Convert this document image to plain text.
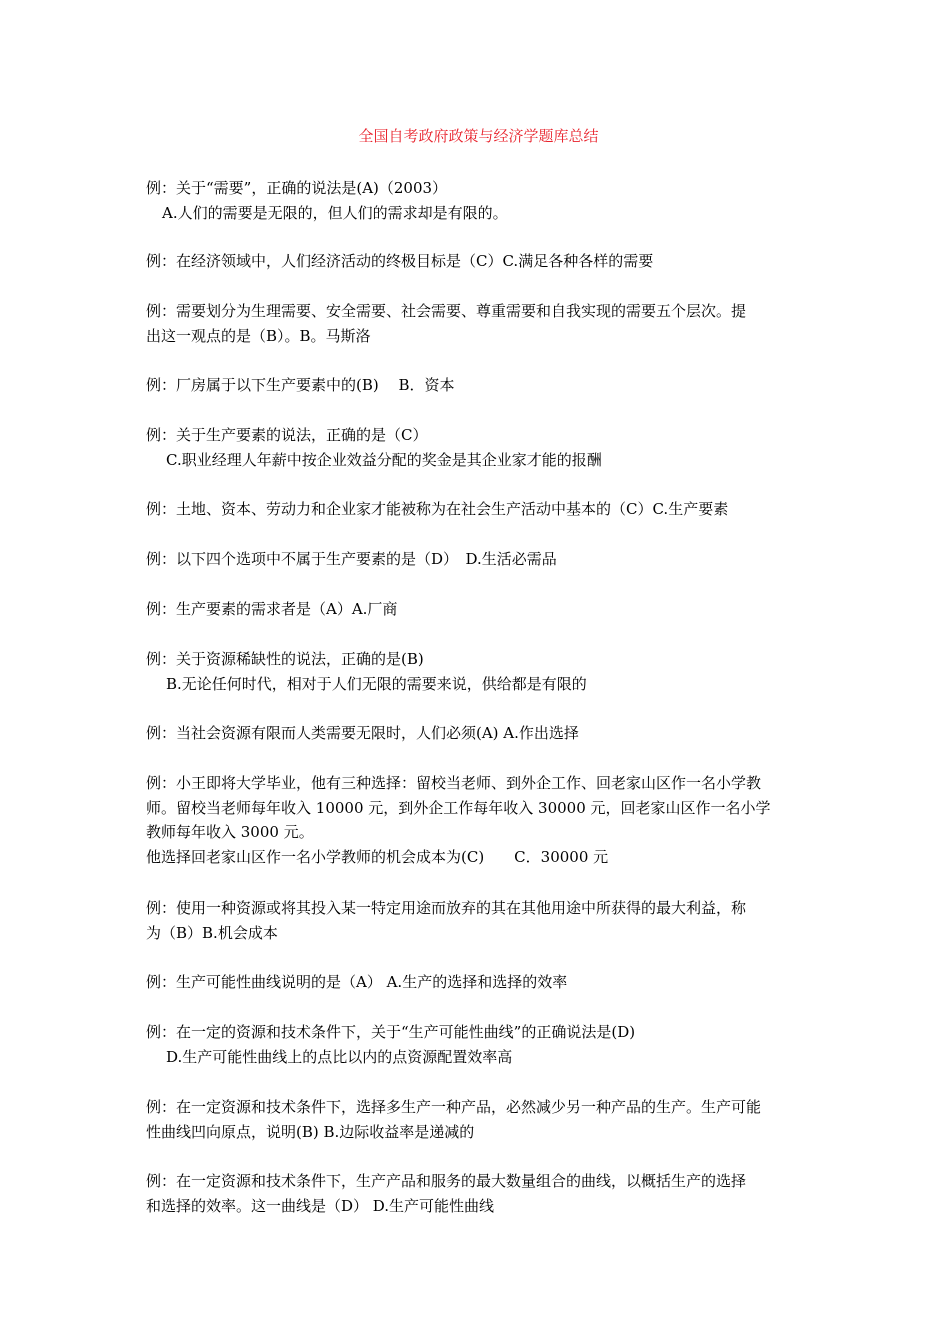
全国自考政府政策与经济学题库总结

例：关于“需要”，正确的说法是(A)（2003）

A.人们的需要是无限的，但人们的需求却是有限的。

例：在经济领域中，人们经济活动的终极目标是（C）C.满足各种各样的需要

例：需要划分为生理需要、安全需要、社会需要、尊重需要和自我实现的需要五个层次。提

出这一观点的是（B）。B。马斯洛

例：厂房属于以下生产要素中的(B)　 B．资本

例：关于生产要素的说法，正确的是（C）

C.职业经理人年薪中按企业效益分配的奖金是其企业家才能的报酬

例：土地、资本、劳动力和企业家才能被称为在社会生产活动中基本的（C）C.生产要素

例：以下四个选项中不属于生产要素的是（D）　D.生活必需品

例：生产要素的需求者是（A）A.厂商

例：关于资源稀缺性的说法，正确的是(B)

B.无论任何时代，相对于人们无限的需要来说，供给都是有限的

例：当社会资源有限而人类需要无限时，人们必须(A) A.作出选择

例：小王即将大学毕业，他有三种选择：留校当老师、到外企工作、回老家山区作一名小学教

师。留校当老师每年收入 10000 元，到外企工作每年收入 30000 元，回老家山区作一名小学

教师每年收入 3000 元。

他选择回老家山区作一名小学教师的机会成本为(C)　　C．30000 元

例：使用一种资源或将其投入某一特定用途而放弃的其在其他用途中所获得的最大利益，称

为（B）B.机会成本

例：生产可能性曲线说明的是（A） A.生产的选择和选择的效率

例：在一定的资源和技术条件下，关于“生产可能性曲线”的正确说法是(D)

D.生产可能性曲线上的点比以内的点资源配置效率高

例：在一定资源和技术条件下，选择多生产一种产品，必然减少另一种产品的生产。生产可能

性曲线凹向原点，说明(B) B.边际收益率是递减的

例：在一定资源和技术条件下，生产产品和服务的最大数量组合的曲线，以概括生产的选择

和选择的效率。这一曲线是（D） D.生产可能性曲线
